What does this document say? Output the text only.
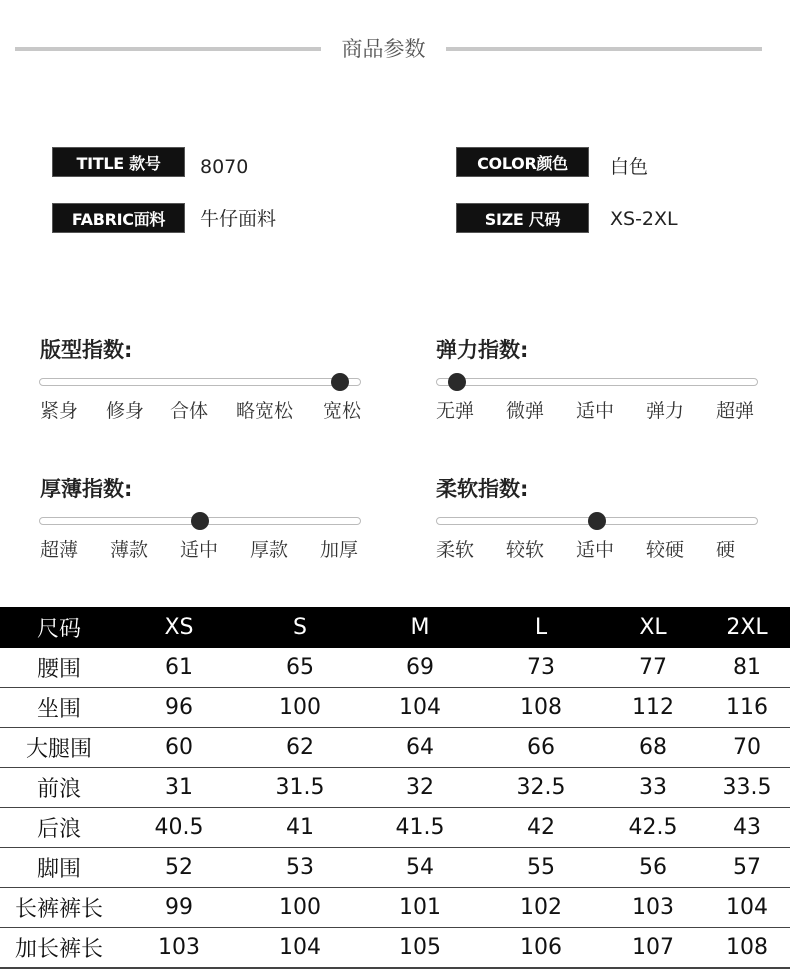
商品参数
TITLE 款号	8070	COLOR颜色	白色
FABRIC面料	牛仔面料	SIZE 尺码	XS-2XL
版型指数:
紧身 修身 合体 略宽松 宽松
弹力指数:
无弹 微弹 适中 弹力 超弹
厚薄指数:
超薄 薄款 适中 厚款 加厚
柔软指数:
柔软 较软 适中 较硬 硬
尺码	XS	S	M	L	XL	2XL
腰围	61	65	69	73	77	81
坐围	96	100	104	108	112	116
大腿围	60	62	64	66	68	70
前浪	31	31.5	32	32.5	33	33.5
后浪	40.5	41	41.5	42	42.5	43
脚围	52	53	54	55	56	57
长裤裤长	99	100	101	102	103	104
加长裤长	103	104	105	106	107	108
